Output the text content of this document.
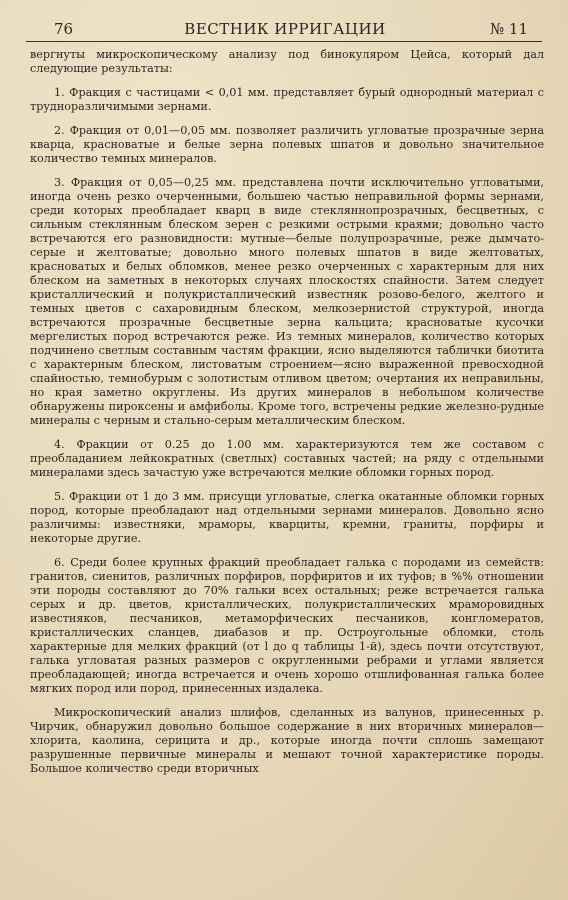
76	ВЕСТНИК ИРРИГАЦИИ	№ 11

вергнуты микроскопическому анализу под бинокуляром Цейса, который дал следующие результаты:

1. Фракция с частицами < 0,01 мм. представляет бурый однородный материал с трудноразличимыми зернами.

2. Фракция от 0,01—0,05 мм. позволяет различить угловатые прозрачные зерна кварца, красноватые и белые зерна полевых шпатов и довольно значительное количество темных минералов.

3. Фракция от 0,05—0,25 мм. представлена почти исключительно угловатыми, иногда очень резко очерченными, большею частью неправильной формы зернами, среди которых преобладает кварц в виде стекляннопрозрачных, бесцветных, с сильным стеклянным блеском зерен с резкими острыми краями; довольно часто встречаются его разновидности: мутные—белые полупрозрачные, реже дымчато-серые и желтоватые; довольно много полевых шпатов в виде желтоватых, красноватых и белых обломков, менее резко очерченных с характерным для них блеском на заметных в некоторых случаях плоскостях спайности. Затем следует кристаллический и полукристаллический известняк розово-белого, желтого и темных цветов с сахаровидным блеском, мелкозернистой структурой, иногда встречаются прозрачные бесцветные зерна кальцита; красноватые кусочки мергелистых пород встречаются реже. Из темных минералов, количество которых подчинено светлым составным частям фракции, ясно выделяются таблички биотита с характерным блеском, листоватым строением—ясно выраженной превосходной спайностью, темнобурым с золотистым отливом цветом; очертания их неправильны, но края заметно округлены. Из других минералов в небольшом количестве обнаружены пироксены и амфиболы. Кроме того, встречены редкие железно-рудные минералы с черным и стально-серым металлическим блеском.

4. Фракции от 0.25 до 1.00 мм. характеризуются тем же составом с преобладанием лейкократных (светлых) составных частей; на ряду с отдельными минералами здесь зачастую уже встречаются мелкие обломки горных пород.

5. Фракции от 1 до 3 мм. присущи угловатые, слегка окатанные обломки горных пород, которые преобладают над отдельными зернами минералов. Довольно ясно различимы: известняки, мраморы, кварциты, кремни, граниты, порфиры и некоторые другие.

6. Среди более крупных фракций преобладает галька с породами из семейств: гранитов, сиенитов, различных порфиров, порфиритов и их туфов; в %% отношении эти породы составляют до 70% гальки всех остальных; реже встречается галька серых и др. цветов, кристаллических, полукристаллических мраморовидных известняков, песчаников, метаморфических песчаников, конгломератов, кристаллических сланцев, диабазов и пр. Остроугольные обломки, столь характерные для мелких фракций (от l до q таблицы 1-й), здесь почти отсутствуют, галька угловатая разных размеров с округленными ребрами и углами является преобладающей; иногда встречается и очень хорошо отшлифованная галька более мягких пород или пород, принесенных издалека.

Микроскопический анализ шлифов, сделанных из валунов, принесенных р. Чирчик, обнаружил довольно большое содержание в них вторичных минералов—хлорита, каолина, серицита и др., которые иногда почти сплошь замещают разрушенные первичные минералы и мешают точной характеристике породы. Большое количество среди вторичных
